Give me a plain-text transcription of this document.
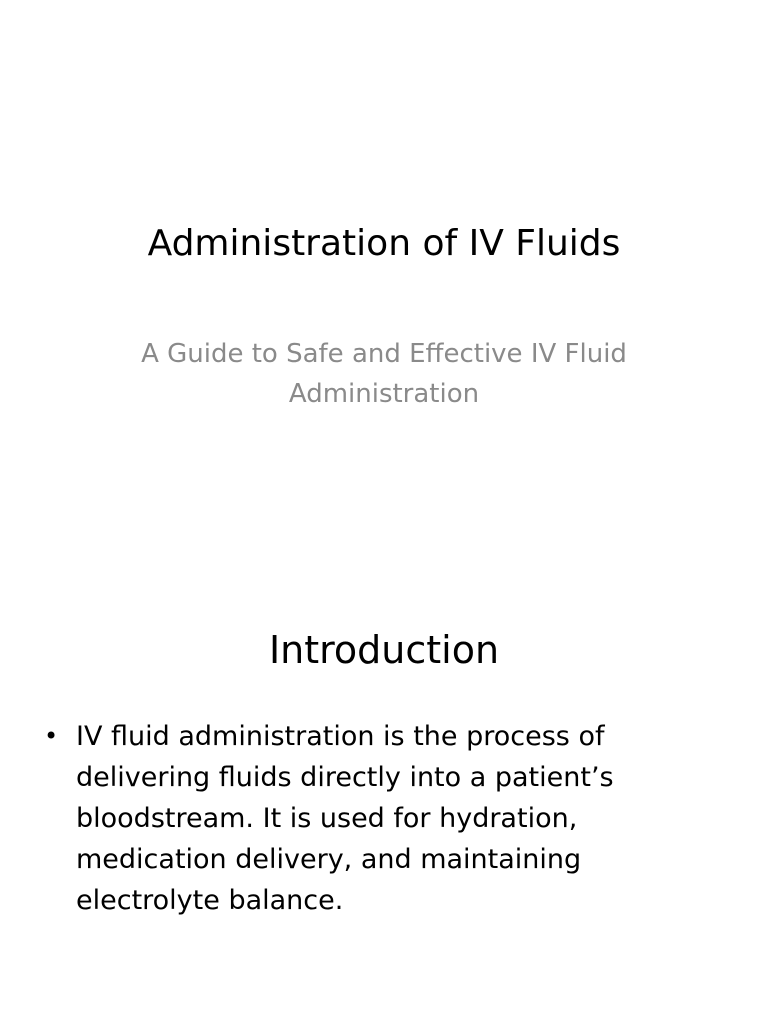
Administration of IV Fluids

A Guide to Safe and Effective IV Fluid Administration

Introduction
• IV fluid administration is the process of delivering fluids directly into a patient’s bloodstream. It is used for hydration, medication delivery, and maintaining electrolyte balance.
